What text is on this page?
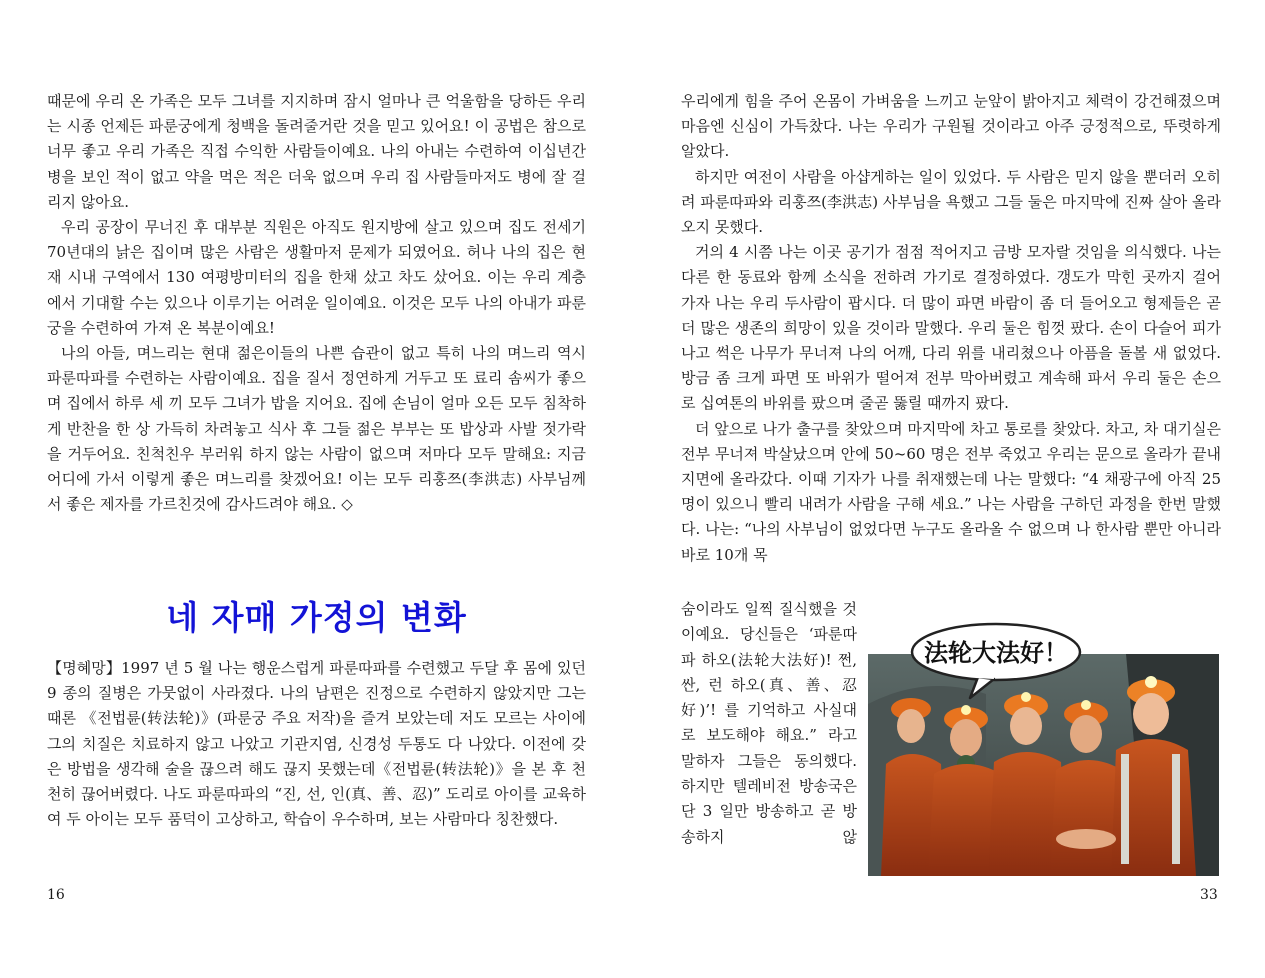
때문에 우리 온 가족은 모두 그녀를 지지하며 잠시 얼마나 큰 억울함을 당하든 우리는 시종 언제든 파룬궁에게 청백을 돌려줄거란 것을 믿고 있어요! 이 공법은 참으로 너무 좋고 우리 가족은 직접 수익한 사람들이예요. 나의 아내는 수련하여 이십년간 병을 보인 적이 없고 약을 먹은 적은 더욱 없으며 우리 집 사람들마저도 병에 잘 걸리지 않아요.

우리 공장이 무너진 후 대부분 직원은 아직도 원지방에 살고 있으며 집도 전세기 70년대의 낡은 집이며 많은 사람은 생활마저 문제가 되였어요. 허나 나의 집은 현재 시내 구역에서 130 여평방미터의 집을 한채 샀고 차도 샀어요. 이는 우리 계층에서 기대할 수는 있으나 이루기는 어려운 일이예요. 이것은 모두 나의 아내가 파룬궁을 수련하여 가져 온 복분이예요!

나의 아들, 며느리는 현대 젊은이들의 나쁜 습관이 없고 특히 나의 며느리 역시 파룬따파를 수련하는 사람이예요. 집을 질서 정연하게 거두고 또 료리 솜씨가 좋으며 집에서 하루 세 끼 모두 그녀가 밥을 지어요. 집에 손님이 얼마 오든 모두 침착하게 반찬을 한 상 가득히 차려놓고 식사 후 그들 젊은 부부는 또 밥상과 사발 젓가락을 거두어요. 친척친우 부러워 하지 않는 사람이 없으며 저마다 모두 말해요: 지금 어디에 가서 이렇게 좋은 며느리를 찾겠어요! 이는 모두 리훙쯔(李洪志) 사부님께서 좋은 제자를 가르친것에 감사드려야 해요. ◇

네 자매 가정의 변화

【명혜망】1997 년 5 월 나는 행운스럽게 파룬따파를 수련했고 두달 후 몸에 있던 9 종의 질병은 가뭇없이 사라졌다. 나의 남편은 진정으로 수련하지 않았지만 그는 때론 《전법륜(转法轮)》(파룬궁 주요 저작)을 즐겨 보았는데 저도 모르는 사이에 그의 치질은 치료하지 않고 나았고 기관지염, 신경성 두통도 다 나았다. 이전에 갖은 방법을 생각해 술을 끊으려 해도 끊지 못했는데《전법륜(转法轮)》을 본 후 천천히 끊어버렸다. 나도 파룬따파의 “진, 선, 인(真、善、忍)” 도리로 아이를 교육하여 두 아이는 모두 품덕이 고상하고, 학습이 우수하며, 보는 사람마다 칭찬했다.

16

우리에게 힘을 주어 온몸이 가벼움을 느끼고 눈앞이 밝아지고 체력이 강건해졌으며 마음엔 신심이 가득찼다. 나는 우리가 구원될 것이라고 아주 긍정적으로, 뚜렷하게 알았다.

하지만 여전이 사람을 아샵게하는 일이 있었다. 두 사람은 믿지 않을 뿐더러 오히려 파룬따파와 리훙쯔(李洪志) 사부님을 욕했고 그들 둘은 마지막에 진짜 살아 올라오지 못했다.

거의 4 시쯤 나는 이곳 공기가 점점 적어지고 금방 모자랄 것임을 의식했다. 나는 다른 한 동료와 함께 소식을 전하려 가기로 결정하였다. 갱도가 막힌 곳까지 걸어 가자 나는 우리 두사람이 팝시다. 더 많이 파면 바람이 좀 더 들어오고 형제들은 곧 더 많은 생존의 희망이 있을 것이라 말했다. 우리 둘은 힘껏 팠다. 손이 다슬어 피가 나고 썩은 나무가 무너져 나의 어깨, 다리 위를 내리쳤으나 아픔을 돌볼 새 없었다. 방금 좀 크게 파면 또 바위가 떨어져 전부 막아버렸고 계속해 파서 우리 둘은 손으로 십여톤의 바위를 팠으며 줄곧 뚫릴 때까지 팠다.

더 앞으로 나가 출구를 찾았으며 마지막에 차고 통로를 찾았다. 차고, 차 대기실은 전부 무너져 박살났으며 안에 50~60 명은 전부 죽었고 우리는 문으로 올라가 끝내 지면에 올라갔다. 이때 기자가 나를 취재했는데 나는 말했다: “4 채광구에 아직 25 명이 있으니 빨리 내려가 사람을 구해 세요.” 나는 사람을 구하던 과정을 한번 말했다. 나는: “나의 사부님이 없었다면 누구도 올라올 수 없으며 나 한사람 뿐만 아니라 바로 10개 목

숨이라도 일찍 질식했을 것이예요. 당신들은 ‘파룬따파 하오(法轮大法好)! 쩐, 싼, 런 하오(真、善、忍好)’! 를 기억하고 사실대로 보도해야 해요.” 라고 말하자 그들은 동의했다. 하지만 텔레비전 방송국은 단 3 일만 방송하고 곧 방송하지 않

法轮大法好！
33
